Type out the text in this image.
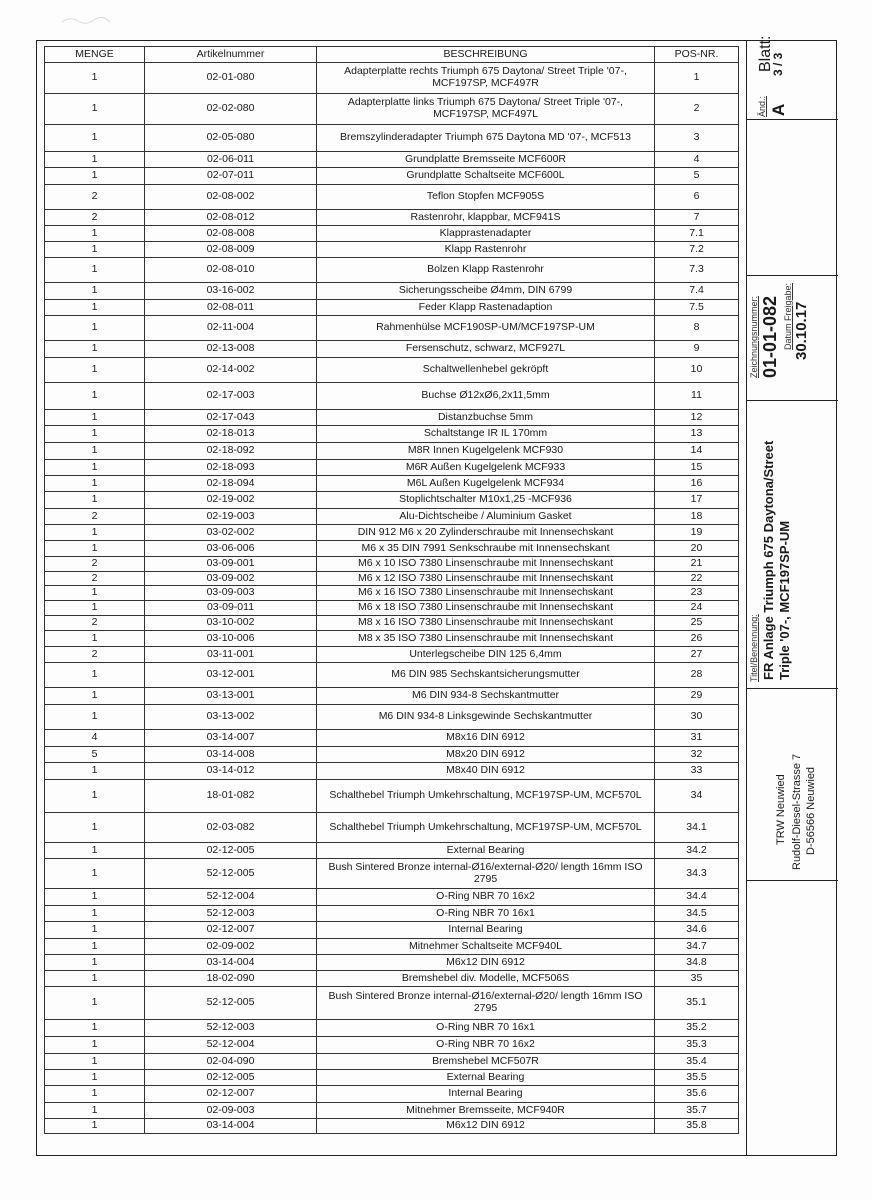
MENGE	Artikelnummer	BESCHREIBUNG	POS-NR.
1	02-01-080	Adapterplatte rechts Triumph 675 Daytona/ Street Triple '07-, MCF197SP, MCF497R	1
1	02-02-080	Adapterplatte links Triumph 675 Daytona/ Street Triple '07-, MCF197SP, MCF497L	2
1	02-05-080	Bremszylinderadapter Triumph 675 Daytona MD '07-, MCF513	3
1	02-06-011	Grundplatte Bremsseite MCF600R	4
1	02-07-011	Grundplatte Schaltseite MCF600L	5
2	02-08-002	Teflon Stopfen MCF905S	6
2	02-08-012	Rastenrohr, klappbar, MCF941S	7
1	02-08-008	Klapprastenadapter	7.1
1	02-08-009	Klapp Rastenrohr	7.2
1	02-08-010	Bolzen Klapp Rastenrohr	7.3
1	03-16-002	Sicherungsscheibe Ø4mm, DIN 6799	7.4
1	02-08-011	Feder Klapp Rastenadaption	7.5
1	02-11-004	Rahmenhülse MCF190SP-UM/MCF197SP-UM	8
1	02-13-008	Fersenschutz, schwarz, MCF927L	9
1	02-14-002	Schaltwellenhebel gekröpft	10
1	02-17-003	Buchse Ø12xØ6,2x11,5mm	11
1	02-17-043	Distanzbuchse 5mm	12
1	02-18-013	Schaltstange IR IL 170mm	13
1	02-18-092	M8R Innen Kugelgelenk MCF930	14
1	02-18-093	M6R Außen Kugelgelenk MCF933	15
1	02-18-094	M6L Außen Kugelgelenk MCF934	16
1	02-19-002	Stoplichtschalter M10x1,25 -MCF936	17
2	02-19-003	Alu-Dichtscheibe / Aluminium Gasket	18
1	03-02-002	DIN 912 M6 x 20 Zylinderschraube mit Innensechskant	19
1	03-06-006	M6 x 35 DIN 7991 Senkschraube mit Innensechskant	20
2	03-09-001	M6 x 10 ISO 7380 Linsenschraube mit Innensechskant	21
2	03-09-002	M6 x 12 ISO 7380 Linsenschraube mit Innensechskant	22
1	03-09-003	M6 x 16 ISO 7380 Linsenschraube mit Innensechskant	23
1	03-09-011	M6 x 18 ISO 7380 Linsenschraube mit Innensechskant	24
2	03-10-002	M8 x 16 ISO 7380 Linsenschraube mit Innensechskant	25
1	03-10-006	M8 x 35 ISO 7380 Linsenschraube mit Innensechskant	26
2	03-11-001	Unterlegscheibe DIN 125 6,4mm	27
1	03-12-001	M6 DIN 985 Sechskantsicherungsmutter	28
1	03-13-001	M6 DIN 934-8 Sechskantmutter	29
1	03-13-002	M6 DIN 934-8 Linksgewinde Sechskantmutter	30
4	03-14-007	M8x16 DIN 6912	31
5	03-14-008	M8x20 DIN 6912	32
1	03-14-012	M8x40 DIN 6912	33
1	18-01-082	Schalthebel Triumph Umkehrschaltung, MCF197SP-UM, MCF570L	34
1	02-03-082	Schalthebel Triumph Umkehrschaltung, MCF197SP-UM, MCF570L	34.1
1	02-12-005	External Bearing	34.2
1	52-12-005	Bush Sintered Bronze internal-Ø16/external-Ø20/ length 16mm ISO 2795	34.3
1	52-12-004	O-Ring NBR 70 16x2	34.4
1	52-12-003	O-Ring NBR 70 16x1	34.5
1	02-12-007	Internal Bearing	34.6
1	02-09-002	Mitnehmer Schaltseite MCF940L	34.7
1	03-14-004	M6x12 DIN 6912	34.8
1	18-02-090	Bremshebel div. Modelle, MCF506S	35
1	52-12-005	Bush Sintered Bronze internal-Ø16/external-Ø20/ length 16mm ISO 2795	35.1
1	52-12-003	O-Ring NBR 70 16x1	35.2
1	52-12-004	O-Ring NBR 70 16x2	35.3
1	02-04-090	Bremshebel MCF507R	35.4
1	02-12-005	External Bearing	35.5
1	02-12-007	Internal Bearing	35.6
1	02-09-003	Mitnehmer Bremsseite, MCF940R	35.7
1	03-14-004	M6x12 DIN 6912	35.8
Blatt:
3 / 3
Änd.: A
Zeichnungsnummer: 01-01-082 Datum Freigabe: 30.10.17
Titel/Benennung: FR Anlage Triumph 675 Daytona/Street Triple '07-, MCF197SP-UM
TRW Neuwied Rudolf-Diesel-Strasse 7 D-56566 Neuwied
